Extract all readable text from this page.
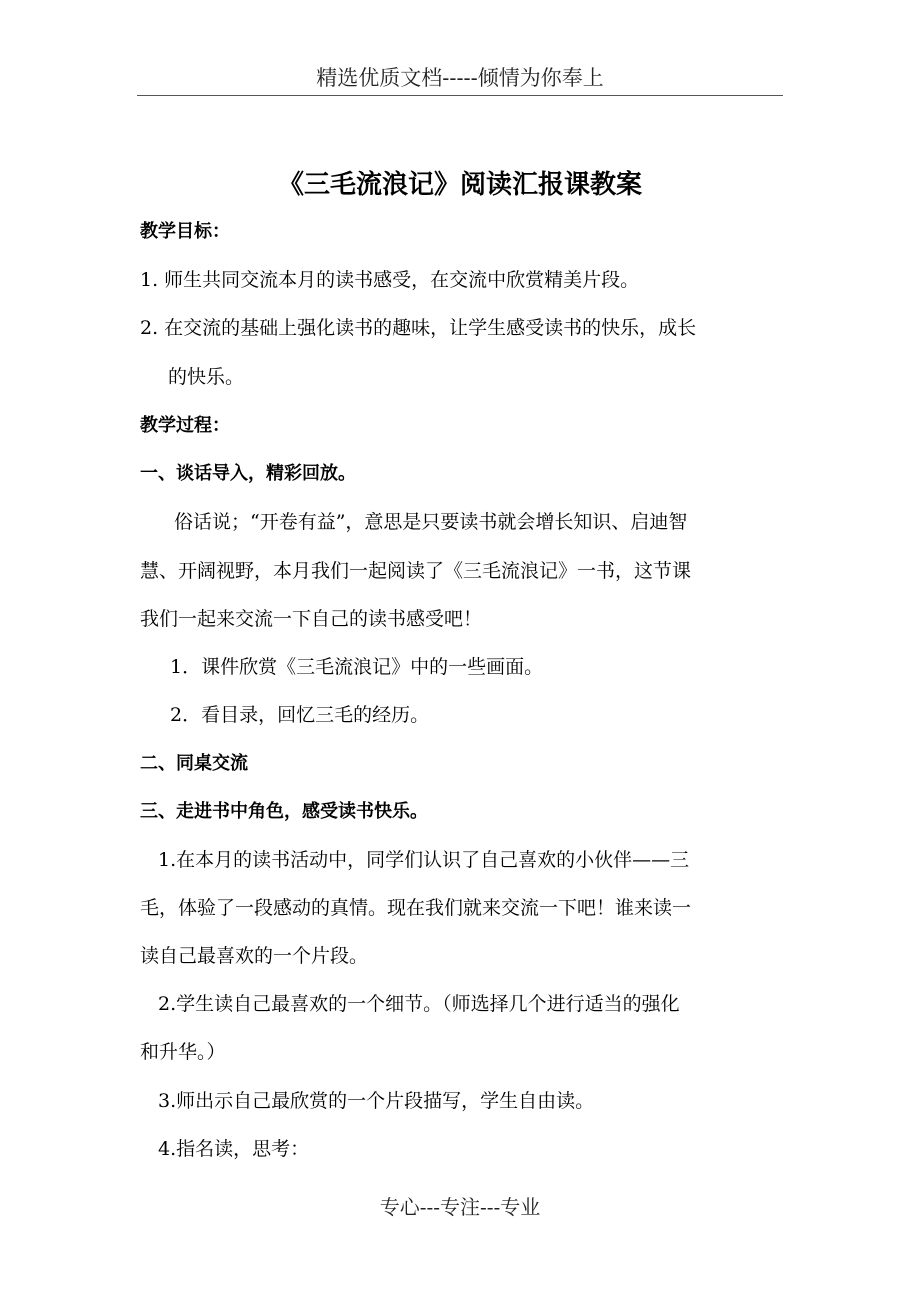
精选优质文档-----倾情为你奉上
《三毛流浪记》阅读汇报课教案
教学目标：
1. 师生共同交流本月的读书感受，在交流中欣赏精美片段。
2. 在交流的基础上强化读书的趣味，让学生感受读书的快乐，成长
的快乐。
教学过程：
一、谈话导入，精彩回放。
俗话说；“开卷有益”，意思是只要读书就会增长知识、启迪智
慧、开阔视野，本月我们一起阅读了《三毛流浪记》一书，这节课
我们一起来交流一下自己的读书感受吧！
1．课件欣赏《三毛流浪记》中的一些画面。
2．看目录，回忆三毛的经历。
二、同桌交流
三、走进书中角色，感受读书快乐。
1.在本月的读书活动中，同学们认识了自己喜欢的小伙伴——三
毛，体验了一段感动的真情。现在我们就来交流一下吧！谁来读一
读自己最喜欢的一个片段。
2.学生读自己最喜欢的一个细节。（师选择几个进行适当的强化
和升华。）
3.师出示自己最欣赏的一个片段描写，学生自由读。
4.指名读，思考：
专心---专注---专业
